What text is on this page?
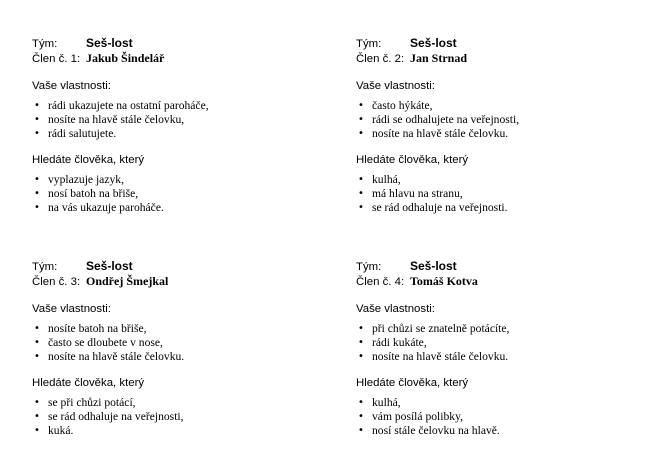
Tým:	Seš-lost
Člen č. 1: Jakub Šindelář
Vaše vlastnosti:
• rádi ukazujete na ostatní paroháče,
• nosíte na hlavě stále čelovku,
• rádi salutujete.
Hledáte člověka, který
• vyplazuje jazyk,
• nosí batoh na břiše,
• na vás ukazuje paroháče.
Tým:	Seš-lost
Člen č. 2: Jan Strnad
Vaše vlastnosti:
• často hýkáte,
• rádi se odhalujete na veřejnosti,
• nosíte na hlavě stále čelovku.
Hledáte člověka, který
• kulhá,
• má hlavu na stranu,
• se rád odhaluje na veřejnosti.
Tým:	Seš-lost
Člen č. 3: Ondřej Šmejkal
Vaše vlastnosti:
• nosíte batoh na břiše,
• často se dloubete v nose,
• nosíte na hlavě stále čelovku.
Hledáte člověka, který
• se při chůzi potácí,
• se rád odhaluje na veřejnosti,
• kuká.
Tým:	Seš-lost
Člen č. 4: Tomáš Kotva
Vaše vlastnosti:
• při chůzi se znatelně potácíte,
• rádi kukáte,
• nosíte na hlavě stále čelovku.
Hledáte člověka, který
• kulhá,
• vám posílá polibky,
• nosí stále čelovku na hlavě.
